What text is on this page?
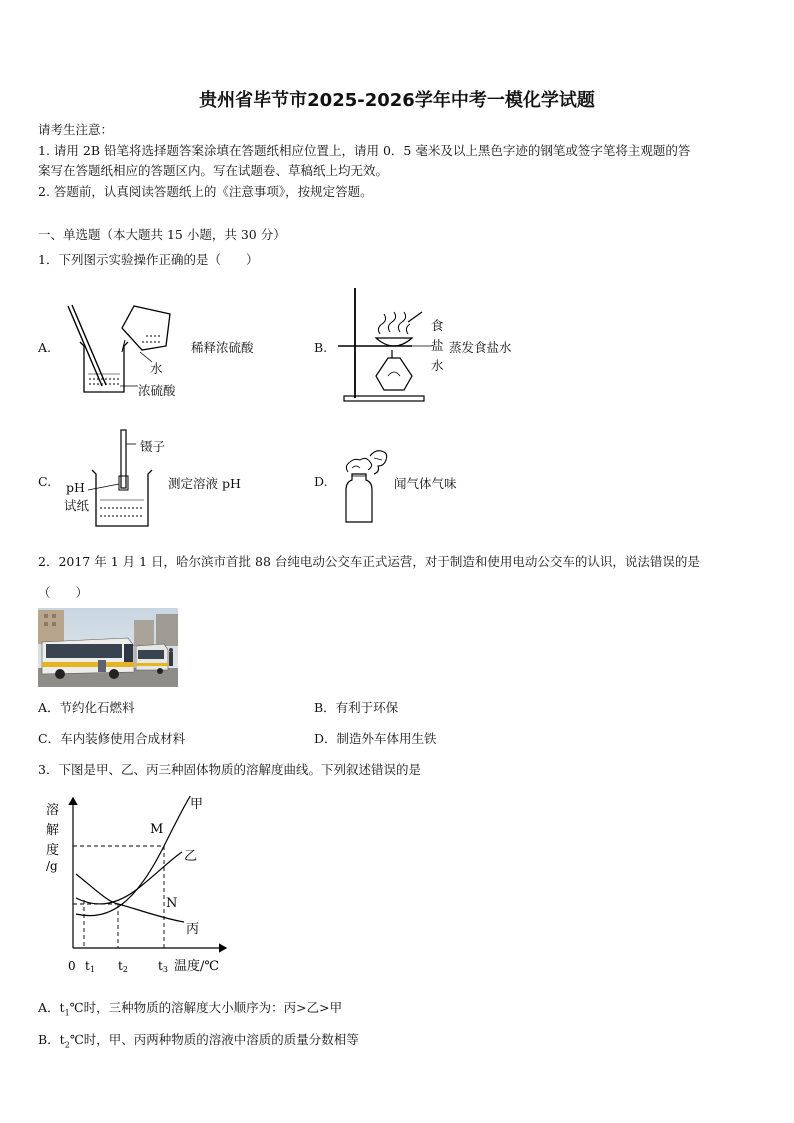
贵州省毕节市2025-2026学年中考一模化学试题
请考生注意：
1. 请用 2B 铅笔将选择题答案涂填在答题纸相应位置上，请用 0．5 毫米及以上黑色字迹的钢笔或签字笔将主观题的答
案写在答题纸相应的答题区内。写在试题卷、草稿纸上均无效。
2. 答题前，认真阅读答题纸上的《注意事项》，按规定答题。
一、单选题（本大题共 15 小题，共 30 分）
1．下列图示实验操作正确的是（　　）
A.
水
浓硫酸
稀释浓硫酸	B.
食
盐
水
蒸发食盐水
C.
镊子
pH
试纸
测定溶液 pH	D.	闻气体气味
2．2017 年 1 月 1 日，哈尔滨市首批 88 台纯电动公交车正式运营，对于制造和使用电动公交车的认识，说法错误的是
（　　）
A．节约化石燃料	B．有利于环保
C．车内装修使用合成材料	D．制造外车体用生铁
3．下图是甲、乙、丙三种固体物质的溶解度曲线。下列叙述错误的是
溶
解
度
/g
甲
乙
丙
M
N
0 t1 t2	t3 温度/℃
A．$t_1℃$时，三种物质的溶解度大小顺序为：丙>乙>甲
B．$t_2℃$时，甲、丙两种物质的溶液中溶质的质量分数相等
